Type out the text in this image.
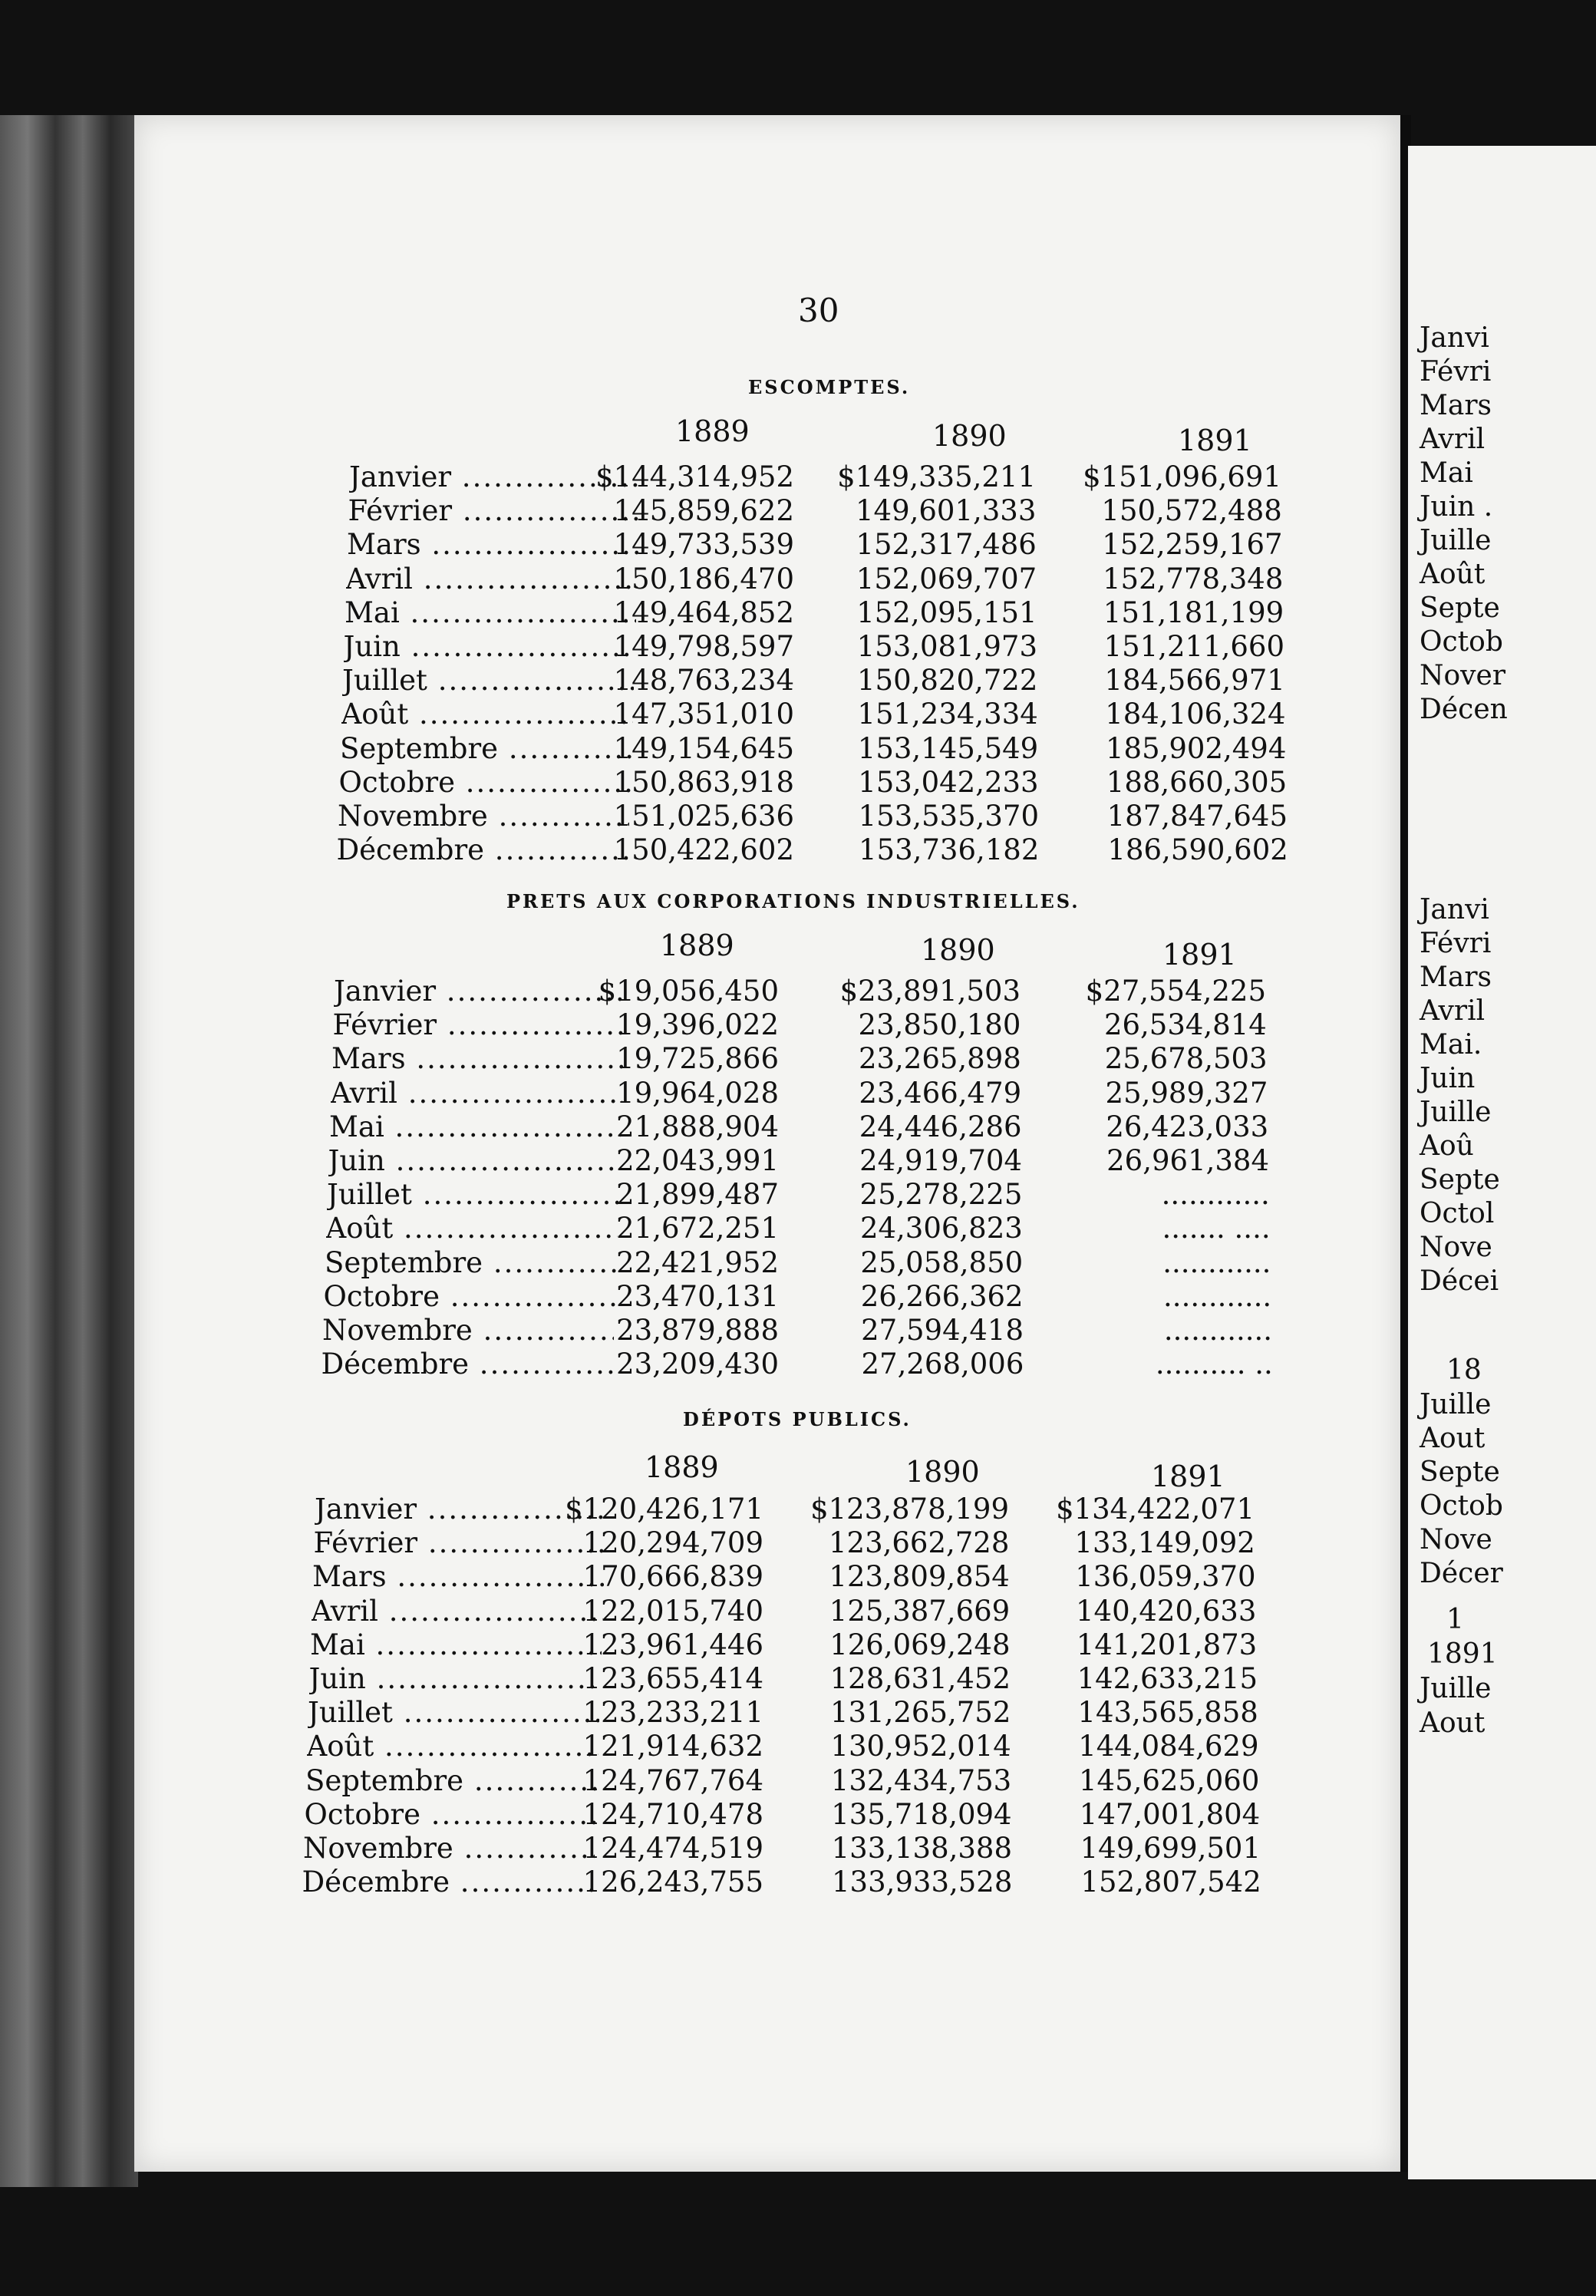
Janvi
Févri
Mars
Avril
Mai
Juin .
Juille
Août
Septe
Octob
Nover
Décen
Janvi
Févri
Mars
Avril
Mai.
Juin
Juille
Aoû
Septe
Octol
Nove
Décei
18
Juille
Aout
Septe
Octob
Nove
Décer
1
1891
Juille
Aout
30
ESCOMPTES.
1889	1890	1891
Janvier .....	$144,314,952 $149,335,211 $151,096,691
Février .....	145,859,622	149,601,333	150,572,488
Mars .....	149,733,539	152,317,486	152,259,167
Avril .....	150,186,470	152,069,707	152,778,348
Mai .....	149,464,852	152,095,151	151,181,199
Juin .....	149,798,597	153,081,973	151,211,660
Juillet .....	148,763,234	150,820,722	184,566,971
Août .....	147,351,010	151,234,334	184,106,324
Septembre .....	149,154,645	153,145,549	185,902,494
Octobre .....	150,863,918	153,042,233	188,660,305
Novembre .....	151,025,636	153,535,370	187,847,645
Décembre .....	150,422,602	153,736,182	186,590,602
PRETS AUX CORPORATIONS INDUSTRIELLES.
1889	1890	1891
Janvier .....	$19,056,450	$23,891,503	$27,554,225
Février .....	19,396,022	23,850,180	26,534,814
Mars .....	19,725,866	23,265,898	25,678,503
Avril .....	19,964,028	23,466,479	25,989,327
Mai .....	21,888,904	24,446,286	26,423,033
Juin .....	22,043,991	24,919,704	26,961,384
Juillet .....	21,899,487	25,278,225	............
Août .....	21,672,251	24,306,823	....... ....
Septembre .....	22,421,952	25,058,850	............
Octobre .....	23,470,131	26,266,362	............
Novembre .....	23,879,888	27,594,418	............
Décembre .....	23,209,430	27,268,006	.......... ..
DÉPOTS PUBLICS.
1889	1890	1891
Janvier .....	$120,426,171 $123,878,199 $134,422,071
Février .....	120,294,709	123,662,728	133,149,092
Mars .....	170,666,839	123,809,854	136,059,370
Avril .....	122,015,740	125,387,669	140,420,633
Mai .....	123,961,446	126,069,248	141,201,873
Juin .....	123,655,414	128,631,452	142,633,215
Juillet .....	123,233,211	131,265,752	143,565,858
Août .....	121,914,632	130,952,014	144,084,629
Septembre .....	124,767,764	132,434,753	145,625,060
Octobre .....	124,710,478	135,718,094	147,001,804
Novembre .....	124,474,519	133,138,388	149,699,501
Décembre .....	126,243,755	133,933,528	152,807,542
